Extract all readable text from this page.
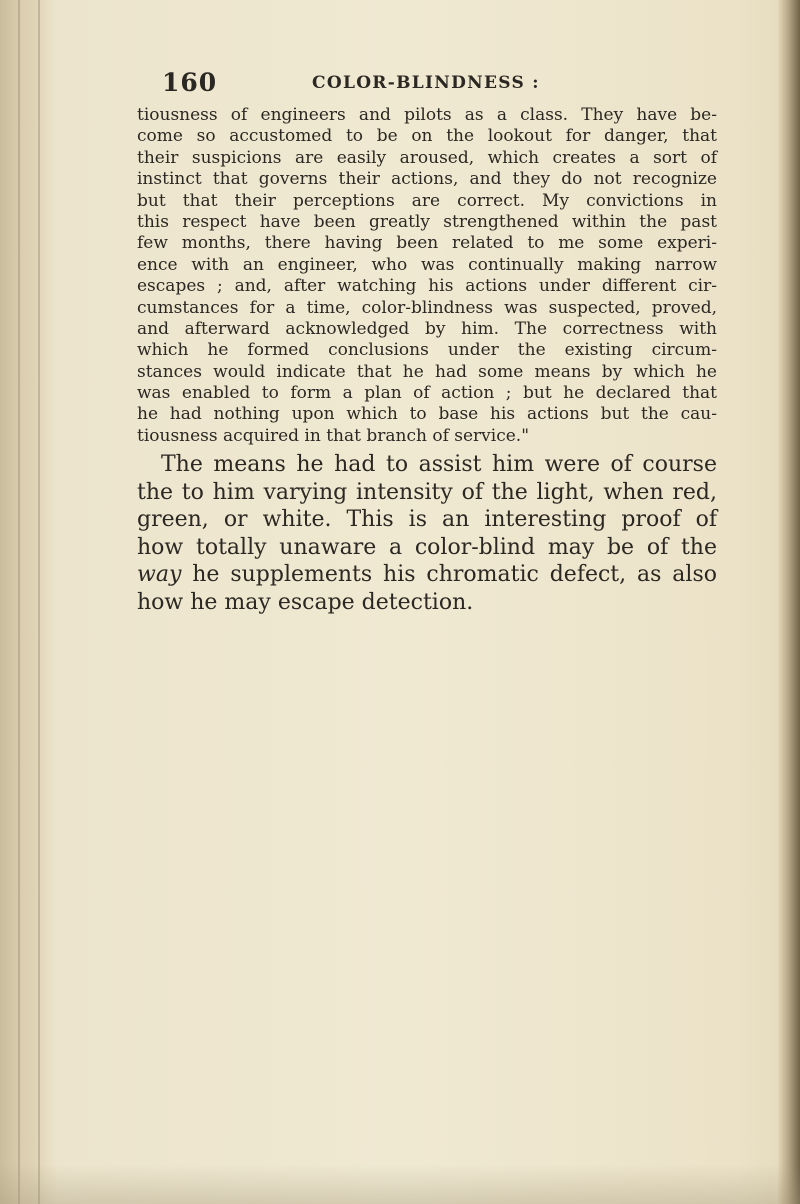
160	COLOR-BLINDNESS :
tiousness of engineers and pilots as a class. They have be-
come so accustomed to be on the lookout for danger, that
their suspicions are easily aroused, which creates a sort of
instinct that governs their actions, and they do not recognize
but that their perceptions are correct. My convictions in
this respect have been greatly strengthened within the past
few months, there having been related to me some experi-
ence with an engineer, who was continually making narrow
escapes ; and, after watching his actions under different cir-
cumstances for a time, color-blindness was suspected, proved,
and afterward acknowledged by him. The correctness with
which he formed conclusions under the existing circum-
stances would indicate that he had some means by which he
was enabled to form a plan of action ; but he declared that
he had nothing upon which to base his actions but the cau-
tiousness acquired in that branch of service."
The means he had to assist him were of course
the to him varying intensity of the light, when red,
green, or white. This is an interesting proof of
how totally unaware a color-blind may be of the
way he supplements his chromatic defect, as also
how he may escape detection.
